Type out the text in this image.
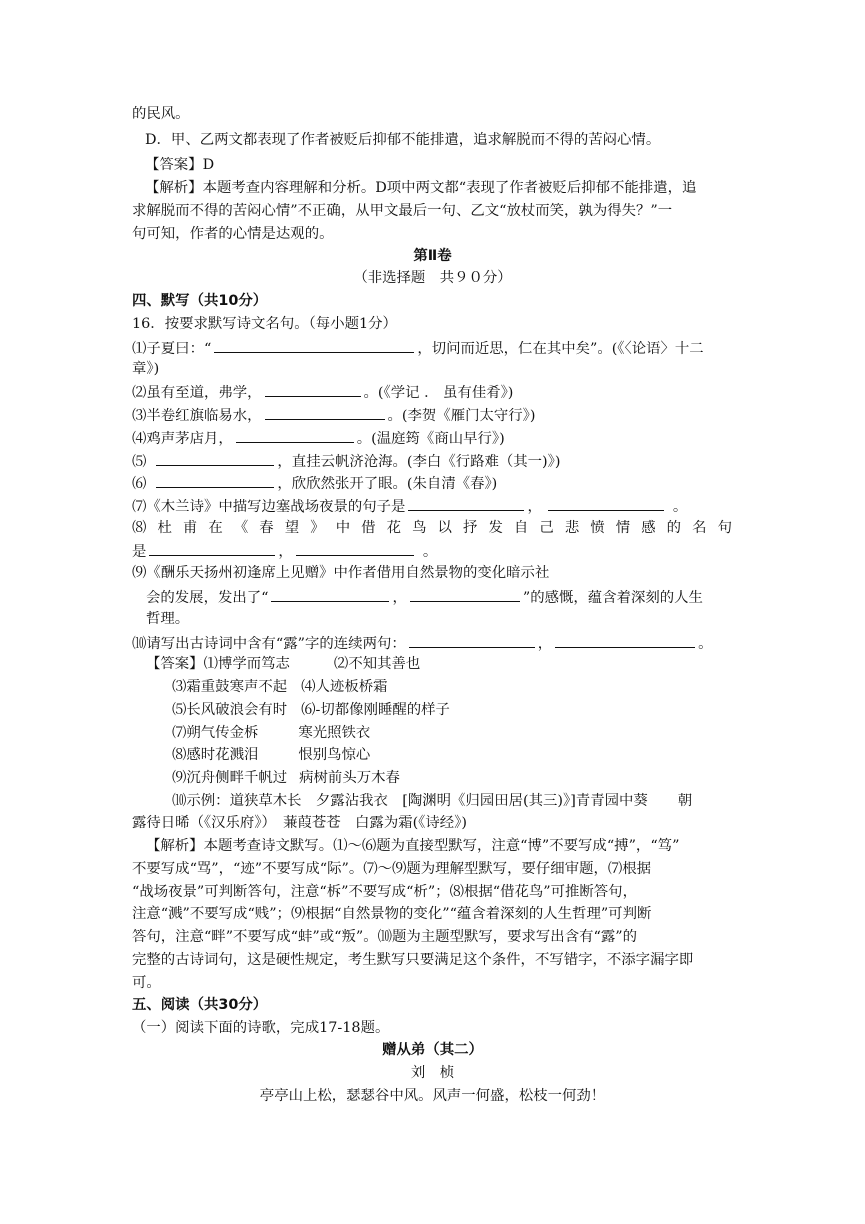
的民风。
D．甲、乙两文都表现了作者被贬后抑郁不能排遣，追求解脱而不得的苦闷心情。
【答案】D
【解析】本题考查内容理解和分析。D项中两文都“表现了作者被贬后抑郁不能排遣，追
求解脱而不得的苦闷心情”不正确，从甲文最后一句、乙文“放杖而笑，孰为得失？”一
句可知，作者的心情是达观的。
第Ⅱ卷
（非选择题　共９０分）
四、默写（共10分）
16．按要求默写诗文名句。（每小题1分）
⑴子夏曰：“	，切问而近思，仁在其中矣”。(《〈论语〉十二
章》)
⑵虽有至道，弗学，	。(《学记 ． 虽有佳肴》)
⑶半卷红旗临易水，	。(李贺《雁门太守行》)
⑷鸡声茅店月，	。(温庭筠《商山早行》)
⑸	，直挂云帆济沧海。(李白《行路难（其一)》)
⑹	，欣欣然张开了眼。(朱自清《春》)
⑺《木兰诗》中描写边塞战场夜景的句子是	，	。
⑻ 杜 甫 在 《 春 望 》 中 借 花 鸟 以 抒 发 自 己 悲 愤 情 感 的 名 句
是	，	。
⑼《酬乐天扬州初逢席上见赠》中作者借用自然景物的变化暗示社
会的发展，发出了“	，	”的感慨，蕴含着深刻的人生
哲理。
⑽请写出古诗词中含有“露”字的连续两句：	，	。
【答案】⑴博学而笃志	⑵不知其善也
⑶霜重鼓寒声不起 ⑷人迹板桥霜
⑸长风破浪会有时 ⑹-切都像刚睡醒的样子
⑺朔气传金柝	寒光照铁衣
⑻感时花溅泪	恨别鸟惊心
⑼沉舟侧畔千帆过 病树前头万木春
⑽示例：道狭草木长　夕露沾我衣　[陶渊明《归园田居(其三)》]青青园中葵 朝
露待日晞（《汉乐府》）　蒹葭苍苍　白露为霜(《诗经》)
【解析】本题考查诗文默写。⑴～⑹题为直接型默写，注意“博”不要写成“搏”，“笃”
不要写成“骂”，“迹”不要写成“际”。⑺～⑼题为理解型默写，要仔细审题，⑺根据
“战场夜景”可判断答句，注意“柝”不要写成“析”；⑻根据“借花鸟”可推断答句，
注意“溅”不要写成“贱”；⑼根据“自然景物的变化”“蕴含着深刻的人生哲理”可判断
答句，注意“畔”不要写成“蚌”或“叛”。⑽题为主题型默写，要求写出含有“露”的
完整的古诗词句，这是硬性规定，考生默写只要满足这个条件，不写错字，不添字漏字即
可。
五、阅读（共30分）
（一）阅读下面的诗歌，完成17-18题。
赠从弟（其二）
刘　桢
亭亭山上松，瑟瑟谷中风。风声一何盛，松枝一何劲！
